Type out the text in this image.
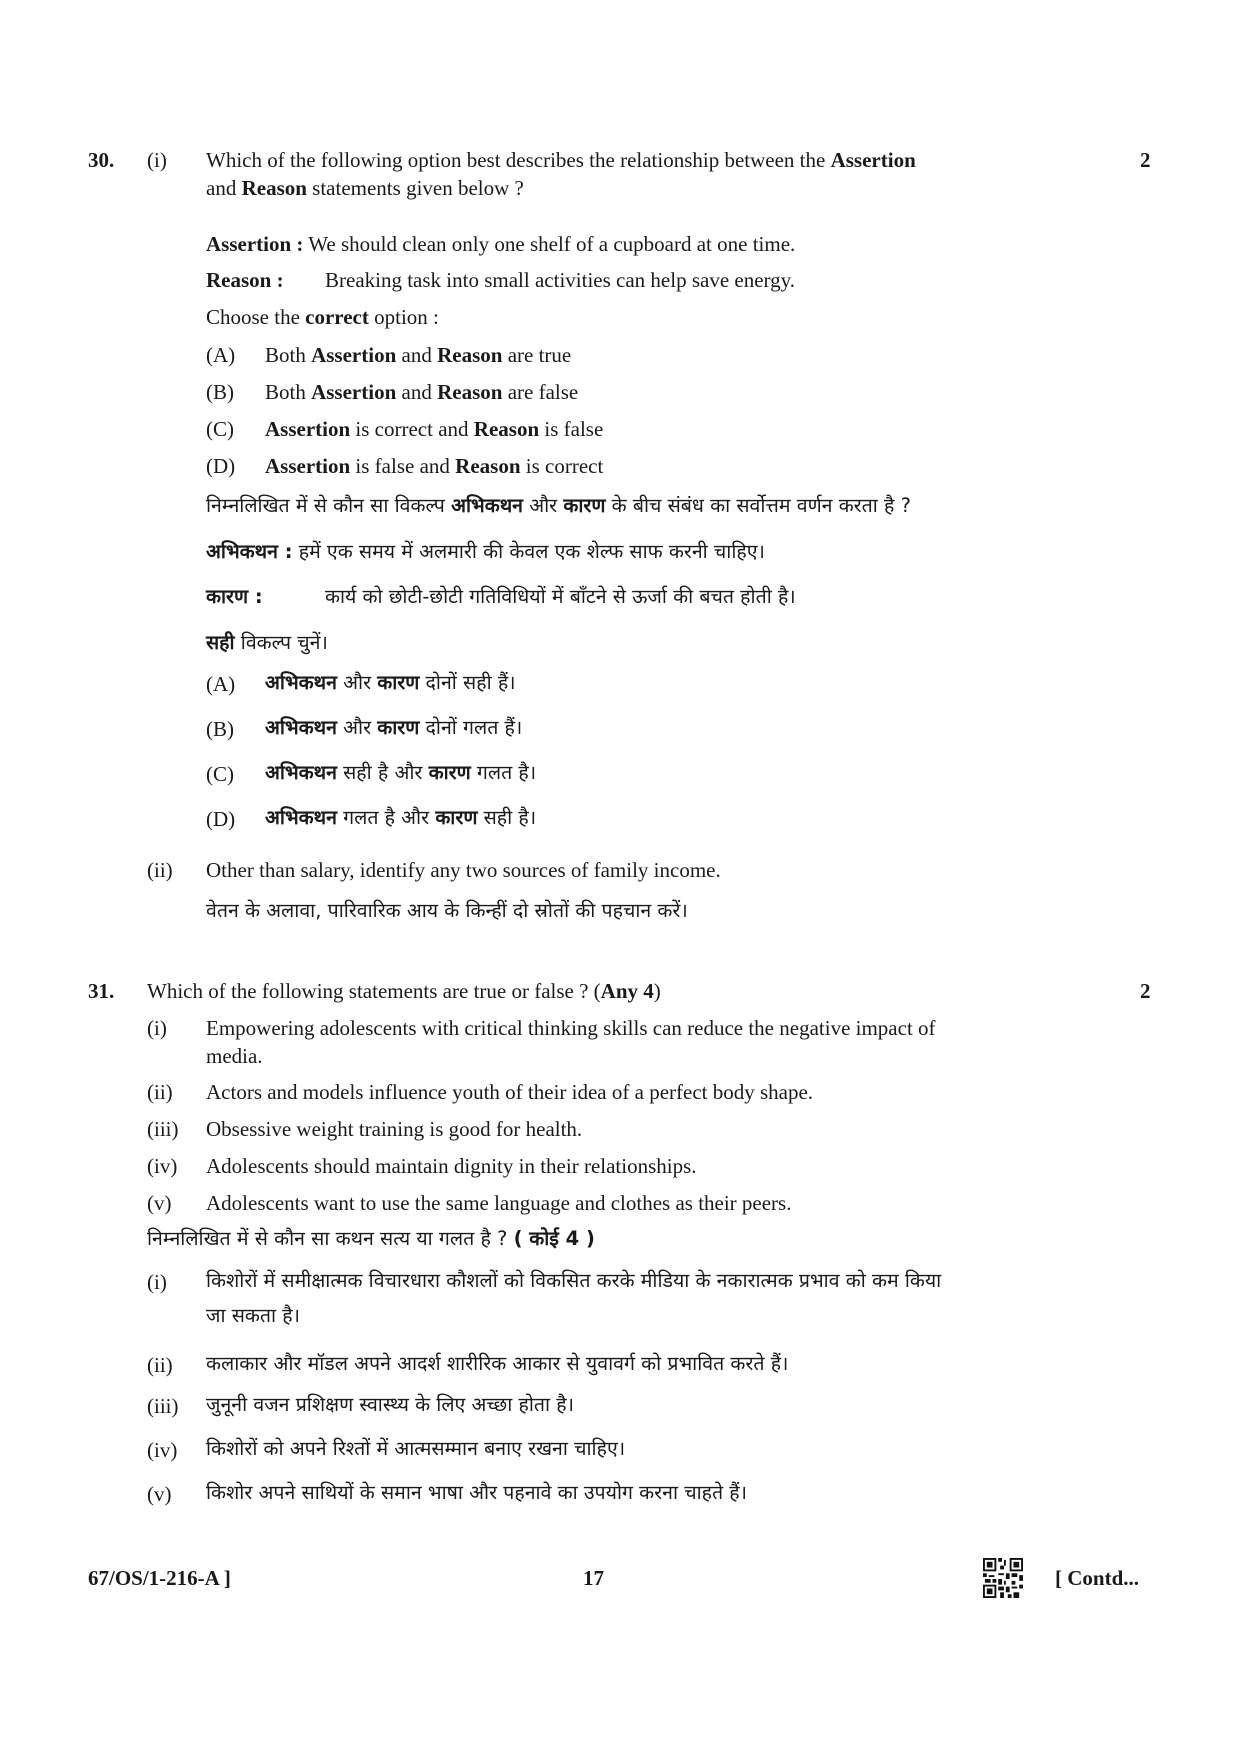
30. (i)	2
Which of the following option best describes the relationship between the Assertion
and Reason statements given below ?
Assertion : We should clean only one shelf of a cupboard at one time.
Reason : Breaking task into small activities can help save energy.
Choose the correct option :
(A) Both Assertion and Reason are true
(B) Both Assertion and Reason are false
(C) Assertion is correct and Reason is false
(D) Assertion is false and Reason is correct
निम्नलिखित में से कौन सा विकल्प अभिकथन और कारण के बीच संबंध का सर्वोत्तम वर्णन करता है ?
अभिकथन : हमें एक समय में अलमारी की केवल एक शेल्फ साफ करनी चाहिए।
कारण :	कार्य को छोटी-छोटी गतिविधियों में बाँटने से ऊर्जा की बचत होती है।
सही विकल्प चुनें।
(A) अभिकथन और कारण दोनों सही हैं।
(B) अभिकथन और कारण दोनों गलत हैं।
(C) अभिकथन सही है और कारण गलत है।
(D) अभिकथन गलत है और कारण सही है।
(ii) Other than salary, identify any two sources of family income.
वेतन के अलावा, पारिवारिक आय के किन्हीं दो स्रोतों की पहचान करें।
31.	2
Which of the following statements are true or false ? (Any 4)
(i) Empowering adolescents with critical thinking skills can reduce the negative impact of
media.
(ii) Actors and models influence youth of their idea of a perfect body shape.
(iii) Obsessive weight training is good for health.
(iv) Adolescents should maintain dignity in their relationships.
(v) Adolescents want to use the same language and clothes as their peers.
निम्नलिखित में से कौन सा कथन सत्य या गलत है ? ( कोई 4 )
(i) किशोरों में समीक्षात्मक विचारधारा कौशलों को विकसित करके मीडिया के नकारात्मक प्रभाव को कम किया
जा सकता है।
(ii) कलाकार और मॉडल अपने आदर्श शारीरिक आकार से युवावर्ग को प्रभावित करते हैं।
(iii) जुनूनी वजन प्रशिक्षण स्वास्थ्य के लिए अच्छा होता है।
(iv) किशोरों को अपने रिश्तों में आत्मसम्मान बनाए रखना चाहिए।
(v) किशोर अपने साथियों के समान भाषा और पहनावे का उपयोग करना चाहते हैं।
67/OS/1-216-A ]	17	[ Contd...
